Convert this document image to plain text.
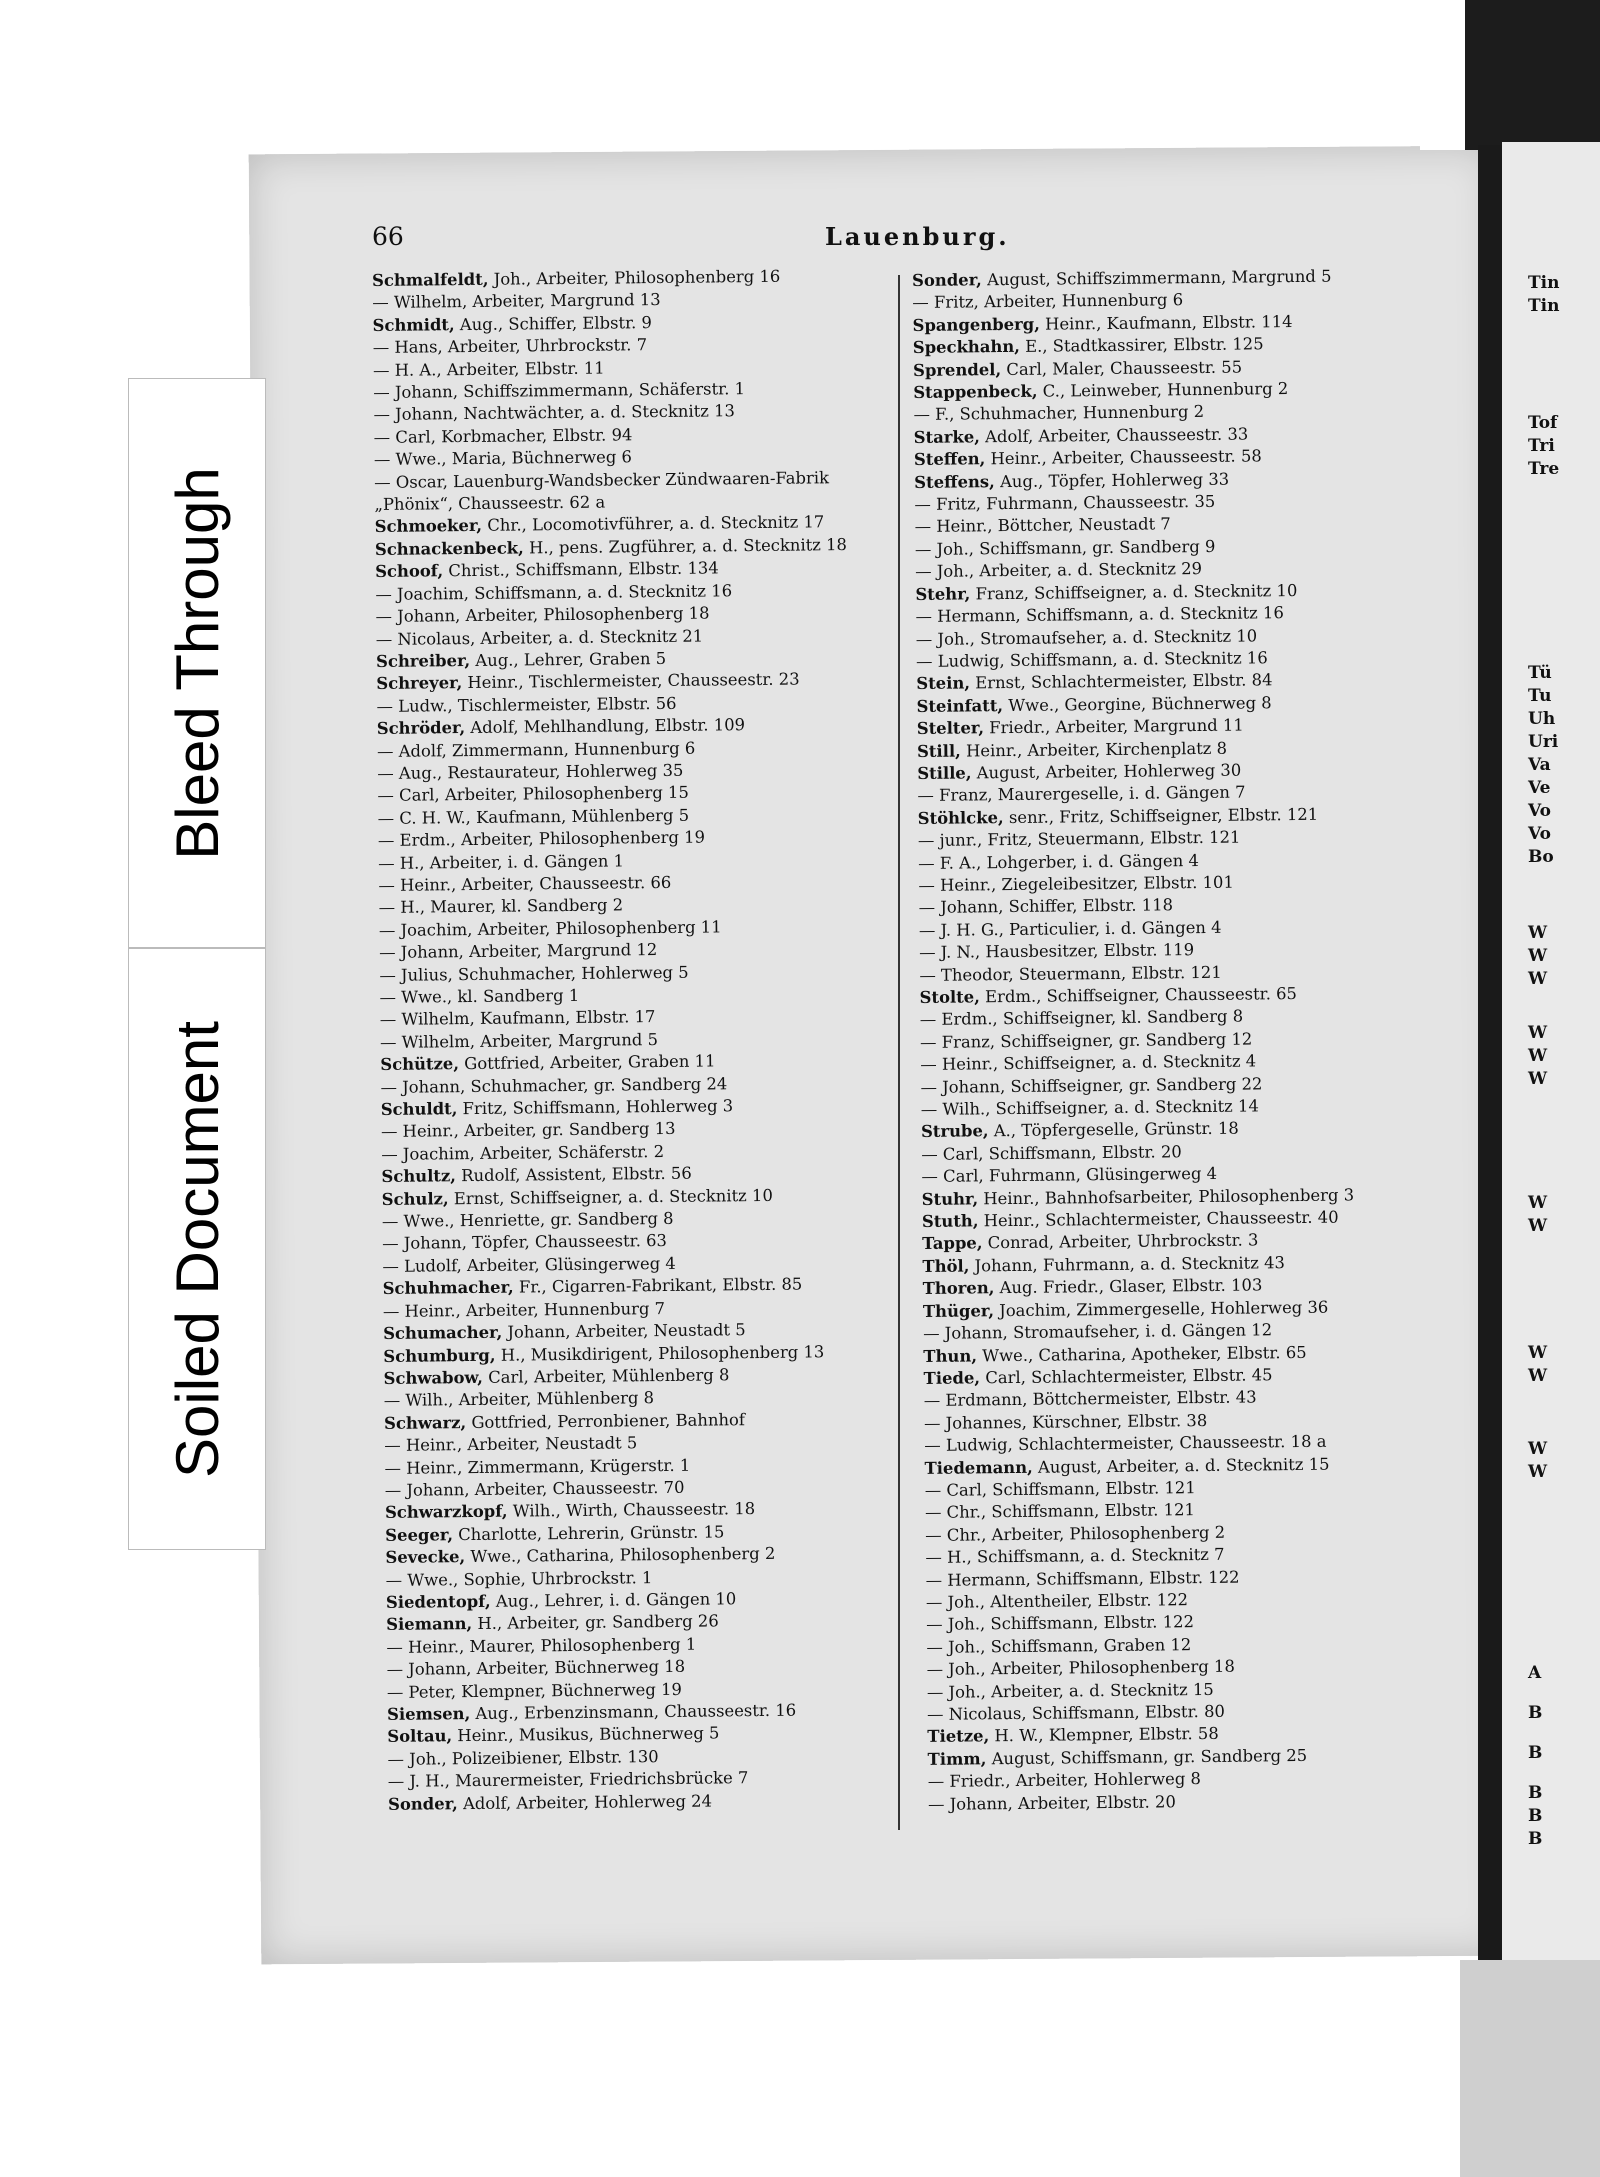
Tin
Tin
Tof
Tri
Tre
Tü
Tu
Uh
Uri
Va
Ve
Vo
Vo
Bo
W
W
W
W
W
W
W
W
W
W
W
W
A
B
B
B
B
B
Bleed Through
Soiled Document
66	Lauenburg.
Schmalfeldt, Joh., Arbeiter, Philosophenberg 16
— Wilhelm, Arbeiter, Margrund 13
Schmidt, Aug., Schiffer, Elbstr. 9
— Hans, Arbeiter, Uhrbrockstr. 7
— H. A., Arbeiter, Elbstr. 11
— Johann, Schiffszimmermann, Schäferstr. 1
— Johann, Nachtwächter, a. d. Stecknitz 13
— Carl, Korbmacher, Elbstr. 94
— Wwe., Maria, Büchnerweg 6
— Oscar, Lauenburg-Wandsbecker Zündwaaren-Fabrik
„Phönix“, Chausseestr. 62 a
Schmoeker, Chr., Locomotivführer, a. d. Stecknitz 17
Schnackenbeck, H., pens. Zugführer, a. d. Stecknitz 18
Schoof, Christ., Schiffsmann, Elbstr. 134
— Joachim, Schiffsmann, a. d. Stecknitz 16
— Johann, Arbeiter, Philosophenberg 18
— Nicolaus, Arbeiter, a. d. Stecknitz 21
Schreiber, Aug., Lehrer, Graben 5
Schreyer, Heinr., Tischlermeister, Chausseestr. 23
— Ludw., Tischlermeister, Elbstr. 56
Schröder, Adolf, Mehlhandlung, Elbstr. 109
— Adolf, Zimmermann, Hunnenburg 6
— Aug., Restaurateur, Hohlerweg 35
— Carl, Arbeiter, Philosophenberg 15
— C. H. W., Kaufmann, Mühlenberg 5
— Erdm., Arbeiter, Philosophenberg 19
— H., Arbeiter, i. d. Gängen 1
— Heinr., Arbeiter, Chausseestr. 66
— H., Maurer, kl. Sandberg 2
— Joachim, Arbeiter, Philosophenberg 11
— Johann, Arbeiter, Margrund 12
— Julius, Schuhmacher, Hohlerweg 5
— Wwe., kl. Sandberg 1
— Wilhelm, Kaufmann, Elbstr. 17
— Wilhelm, Arbeiter, Margrund 5
Schütze, Gottfried, Arbeiter, Graben 11
— Johann, Schuhmacher, gr. Sandberg 24
Schuldt, Fritz, Schiffsmann, Hohlerweg 3
— Heinr., Arbeiter, gr. Sandberg 13
— Joachim, Arbeiter, Schäferstr. 2
Schultz, Rudolf, Assistent, Elbstr. 56
Schulz, Ernst, Schiffseigner, a. d. Stecknitz 10
— Wwe., Henriette, gr. Sandberg 8
— Johann, Töpfer, Chausseestr. 63
— Ludolf, Arbeiter, Glüsingerweg 4
Schuhmacher, Fr., Cigarren-Fabrikant, Elbstr. 85
— Heinr., Arbeiter, Hunnenburg 7
Schumacher, Johann, Arbeiter, Neustadt 5
Schumburg, H., Musikdirigent, Philosophenberg 13
Schwabow, Carl, Arbeiter, Mühlenberg 8
— Wilh., Arbeiter, Mühlenberg 8
Schwarz, Gottfried, Perronbiener, Bahnhof
— Heinr., Arbeiter, Neustadt 5
— Heinr., Zimmermann, Krügerstr. 1
— Johann, Arbeiter, Chausseestr. 70
Schwarzkopf, Wilh., Wirth, Chausseestr. 18
Seeger, Charlotte, Lehrerin, Grünstr. 15
Sevecke, Wwe., Catharina, Philosophenberg 2
— Wwe., Sophie, Uhrbrockstr. 1
Siedentopf, Aug., Lehrer, i. d. Gängen 10
Siemann, H., Arbeiter, gr. Sandberg 26
— Heinr., Maurer, Philosophenberg 1
— Johann, Arbeiter, Büchnerweg 18
— Peter, Klempner, Büchnerweg 19
Siemsen, Aug., Erbenzinsmann, Chausseestr. 16
Soltau, Heinr., Musikus, Büchnerweg 5
— Joh., Polizeibiener, Elbstr. 130
— J. H., Maurermeister, Friedrichsbrücke 7
Sonder, Adolf, Arbeiter, Hohlerweg 24
Sonder, August, Schiffszimmermann, Margrund 5
— Fritz, Arbeiter, Hunnenburg 6
Spangenberg, Heinr., Kaufmann, Elbstr. 114
Speckhahn, E., Stadtkassirer, Elbstr. 125
Sprendel, Carl, Maler, Chausseestr. 55
Stappenbeck, C., Leinweber, Hunnenburg 2
— F., Schuhmacher, Hunnenburg 2
Starke, Adolf, Arbeiter, Chausseestr. 33
Steffen, Heinr., Arbeiter, Chausseestr. 58
Steffens, Aug., Töpfer, Hohlerweg 33
— Fritz, Fuhrmann, Chausseestr. 35
— Heinr., Böttcher, Neustadt 7
— Joh., Schiffsmann, gr. Sandberg 9
— Joh., Arbeiter, a. d. Stecknitz 29
Stehr, Franz, Schiffseigner, a. d. Stecknitz 10
— Hermann, Schiffsmann, a. d. Stecknitz 16
— Joh., Stromaufseher, a. d. Stecknitz 10
— Ludwig, Schiffsmann, a. d. Stecknitz 16
Stein, Ernst, Schlachtermeister, Elbstr. 84
Steinfatt, Wwe., Georgine, Büchnerweg 8
Stelter, Friedr., Arbeiter, Margrund 11
Still, Heinr., Arbeiter, Kirchenplatz 8
Stille, August, Arbeiter, Hohlerweg 30
— Franz, Maurergeselle, i. d. Gängen 7
Stöhlcke, senr., Fritz, Schiffseigner, Elbstr. 121
— junr., Fritz, Steuermann, Elbstr. 121
— F. A., Lohgerber, i. d. Gängen 4
— Heinr., Ziegeleibesitzer, Elbstr. 101
— Johann, Schiffer, Elbstr. 118
— J. H. G., Particulier, i. d. Gängen 4
— J. N., Hausbesitzer, Elbstr. 119
— Theodor, Steuermann, Elbstr. 121
Stolte, Erdm., Schiffseigner, Chausseestr. 65
— Erdm., Schiffseigner, kl. Sandberg 8
— Franz, Schiffseigner, gr. Sandberg 12
— Heinr., Schiffseigner, a. d. Stecknitz 4
— Johann, Schiffseigner, gr. Sandberg 22
— Wilh., Schiffseigner, a. d. Stecknitz 14
Strube, A., Töpfergeselle, Grünstr. 18
— Carl, Schiffsmann, Elbstr. 20
— Carl, Fuhrmann, Glüsingerweg 4
Stuhr, Heinr., Bahnhofsarbeiter, Philosophenberg 3
Stuth, Heinr., Schlachtermeister, Chausseestr. 40
Tappe, Conrad, Arbeiter, Uhrbrockstr. 3
Thöl, Johann, Fuhrmann, a. d. Stecknitz 43
Thoren, Aug. Friedr., Glaser, Elbstr. 103
Thüger, Joachim, Zimmergeselle, Hohlerweg 36
— Johann, Stromaufseher, i. d. Gängen 12
Thun, Wwe., Catharina, Apotheker, Elbstr. 65
Tiede, Carl, Schlachtermeister, Elbstr. 45
— Erdmann, Böttchermeister, Elbstr. 43
— Johannes, Kürschner, Elbstr. 38
— Ludwig, Schlachtermeister, Chausseestr. 18 a
Tiedemann, August, Arbeiter, a. d. Stecknitz 15
— Carl, Schiffsmann, Elbstr. 121
— Chr., Schiffsmann, Elbstr. 121
— Chr., Arbeiter, Philosophenberg 2
— H., Schiffsmann, a. d. Stecknitz 7
— Hermann, Schiffsmann, Elbstr. 122
— Joh., Altentheiler, Elbstr. 122
— Joh., Schiffsmann, Elbstr. 122
— Joh., Schiffsmann, Graben 12
— Joh., Arbeiter, Philosophenberg 18
— Joh., Arbeiter, a. d. Stecknitz 15
— Nicolaus, Schiffsmann, Elbstr. 80
Tietze, H. W., Klempner, Elbstr. 58
Timm, August, Schiffsmann, gr. Sandberg 25
— Friedr., Arbeiter, Hohlerweg 8
— Johann, Arbeiter, Elbstr. 20
